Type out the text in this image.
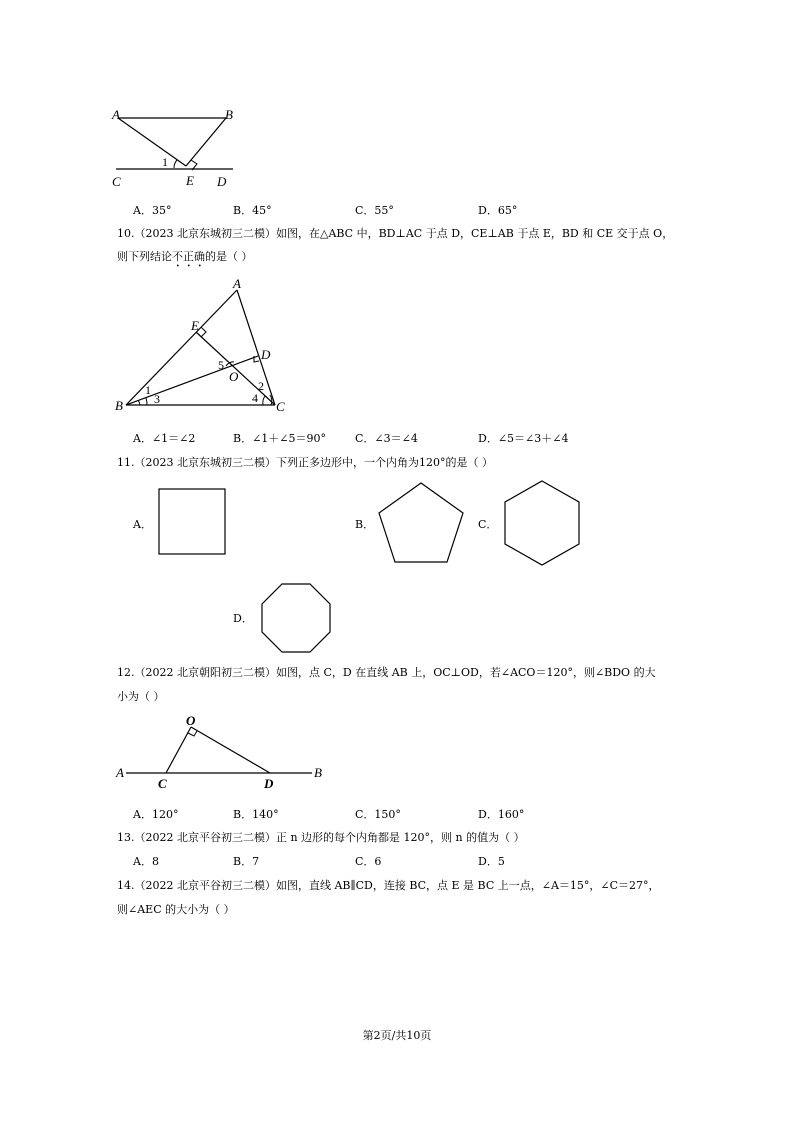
A	B
1
C	E D
A．35°	B．45°	C．55°	D．65°
10.（2023 北京东城初三二模）如图，在△ABC 中，BD⊥AC 于点 D，CE⊥AB 于点 E，BD 和 CE 交于点 O，
则下列结论不正确的是（ ）
A
E
D
5
O
2
1
3	4
B	C
A．∠1＝∠2	B．∠1＋∠5＝90°	C．∠3＝∠4	D．∠5＝∠3＋∠4
11.（2023 北京东城初三二模）下列正多边形中，一个内角为120°的是（ ）
A．	B．	C．
D．
12.（2022 北京朝阳初三二模）如图，点 C，D 在直线 AB 上，OC⊥OD，若∠ACO＝120°，则∠BDO 的大
小为（ ）
O
A
C	D
B
A．120°	B．140°	C．150°	D．160°
13.（2022 北京平谷初三二模）正 n 边形的每个内角都是 120°，则 n 的值为（ ）
A．8	B．7	C．6	D．5
14.（2022 北京平谷初三二模）如图，直线 AB∥CD，连接 BC，点 E 是 BC 上一点，∠A＝15°，∠C＝27°，
则∠AEC 的大小为（ ）
第2页/共10页
